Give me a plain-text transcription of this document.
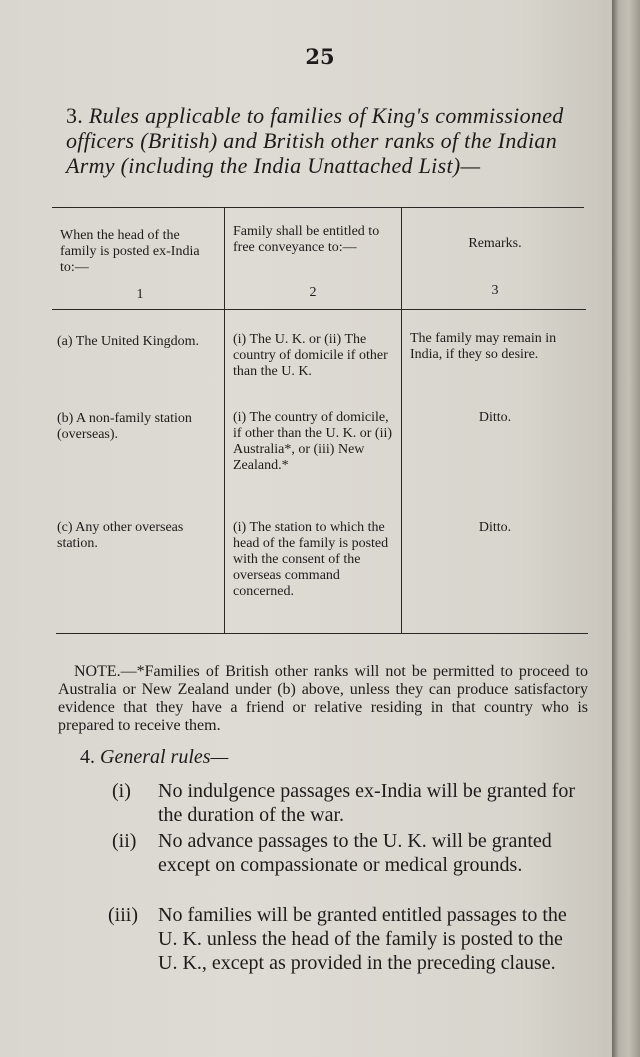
25
3. Rules applicable to families of King's commissioned officers (British) and British other ranks of the Indian Army (including the India Unattached List)—
When the head of the family is posted ex-India to:—
1
Family shall be entitled to free conveyance to:—
2
Remarks.
3
(a) The United Kingdom.	(i) The U. K. or (ii) The country of domicile if other than the U. K.
The family may remain in India, if they so desire.
(b) A non-family station (overseas).
(i) The country of domicile, if other than the U. K. or (ii) Australia*, or (iii) New Zealand.*
Ditto.
(c) Any other overseas station.
(i) The station to which the head of the family is posted with the consent of the overseas command concerned.
Ditto.
NOTE.—*Families of British other ranks will not be permitted to proceed to Australia or New Zealand under (b) above, unless they can produce satisfactory evidence that they have a friend or relative residing in that country who is prepared to receive them.
4. General rules—
(i) No indulgence passages ex-India will be granted for the duration of the war.
(ii) No advance passages to the U. K. will be granted except on compassionate or medical grounds.
(iii) No families will be granted entitled passages to the U. K. unless the head of the family is posted to the U. K., except as provided in the preceding clause.
